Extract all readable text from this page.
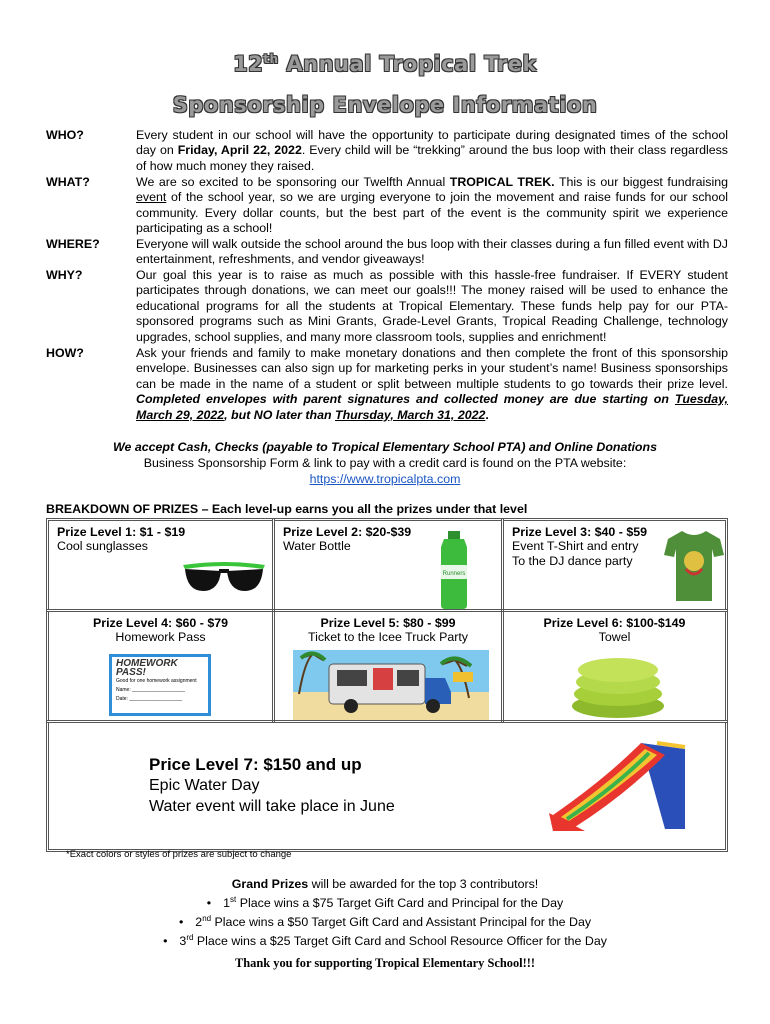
12th Annual Tropical Trek
Sponsorship Envelope Information
WHO?	Every student in our school will have the opportunity to participate during designated times of the school day on Friday, April 22, 2022. Every child will be “trekking” around the bus loop with their class regardless of how much money they raised.
WHAT?	We are so excited to be sponsoring our Twelfth Annual TROPICAL TREK. This is our biggest fundraising event of the school year, so we are urging everyone to join the movement and raise funds for our school community. Every dollar counts, but the best part of the event is the community spirit we experience participating as a school!
WHERE?	Everyone will walk outside the school around the bus loop with their classes during a fun filled event with DJ entertainment, refreshments, and vendor giveaways!
WHY?	Our goal this year is to raise as much as possible with this hassle-free fundraiser. If EVERY student participates through donations, we can meet our goals!!! The money raised will be used to enhance the educational programs for all the students at Tropical Elementary. These funds help pay for our PTA-sponsored programs such as Mini Grants, Grade-Level Grants, Tropical Reading Challenge, technology upgrades, school supplies, and many more classroom tools, supplies and enrichment!
HOW?	Ask your friends and family to make monetary donations and then complete the front of this sponsorship envelope. Businesses can also sign up for marketing perks in your student’s name! Business sponsorships can be made in the name of a student or split between multiple students to go towards their prize level. Completed envelopes with parent signatures and collected money are due starting on Tuesday, March 29, 2022, but NO later than Thursday, March 31, 2022.
We accept Cash, Checks (payable to Tropical Elementary School PTA) and Online Donations
Business Sponsorship Form & link to pay with a credit card is found on the PTA website:
https://www.tropicalpta.com
BREAKDOWN OF PRIZES – Each level-up earns you all the prizes under that level
Prize Level 1: $1 - $19
Cool sunglasses
Prize Level 2: $20-$39
Water Bottle
Runners
Prize Level 3: $40 - $59
Event T-Shirt and entry
To the DJ dance party
Prize Level 4: $60 - $79
Homework Pass
HOMEWORK PASS!
Good for one homework assignment
Name: ___________________
Date: ___________________
Prize Level 5: $80 - $99
Ticket to the Icee Truck Party
Prize Level 6: $100-$149
Towel
Price Level 7: $150 and up
Epic Water Day
Water event will take place in June
*Exact colors or styles of prizes are subject to change
Grand Prizes will be awarded for the top 3 contributors!
• 1st Place wins a $75 Target Gift Card and Principal for the Day
• 2nd Place wins a $50 Target Gift Card and Assistant Principal for the Day
• 3rd Place wins a $25 Target Gift Card and School Resource Officer for the Day
Thank you for supporting Tropical Elementary School!!!
